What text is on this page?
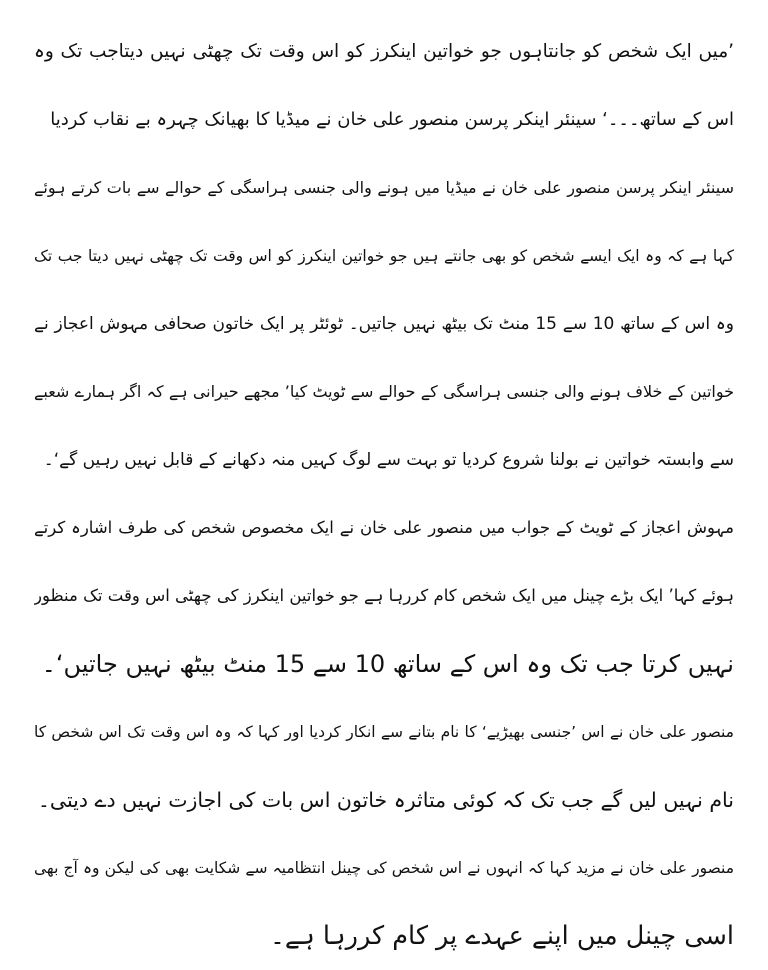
’میں ایک شخص کو جانتاہوں جو خواتین اینکرز کو اس وقت تک چھٹی نہیں دیتاجب تک وہ
اس کے ساتھ۔۔۔‘ سینئر اینکر پرسن منصور علی خان نے میڈیا کا بھیانک چہرہ بے نقاب کردیا
سینئر اینکر پرسن منصور علی خان نے میڈیا میں ہونے والی جنسی ہراسگی کے حوالے سے بات کرتے ہوئے
کہا ہے کہ وہ ایک ایسے شخص کو بھی جانتے ہیں جو خواتین اینکرز کو اس وقت تک چھٹی نہیں دیتا جب تک
وہ اس کے ساتھ 10 سے 15 منٹ تک بیٹھ نہیں جاتیں۔ ٹوئٹر پر ایک خاتون صحافی مہوش اعجاز نے
خواتین کے خلاف ہونے والی جنسی ہراسگی کے حوالے سے ٹویٹ کیا’ مجھے حیرانی ہے کہ اگر ہمارے شعبے
سے وابستہ خواتین نے بولنا شروع کردیا تو بہت سے لوگ کہیں منہ دکھانے کے قابل نہیں رہیں گے‘۔
مہوش اعجاز کے ٹویٹ کے جواب میں منصور علی خان نے ایک مخصوص شخص کی طرف اشارہ کرتے
ہوئے کہا’ ایک بڑے چینل میں ایک شخص کام کررہا ہے جو خواتین اینکرز کی چھٹی اس وقت تک منظور
نہیں کرتا جب تک وہ اس کے ساتھ 10 سے 15 منٹ بیٹھ نہیں جاتیں‘۔
منصور علی خان نے اس ’جنسی بھیڑیے‘ کا نام بتانے سے انکار کردیا اور کہا کہ وہ اس وقت تک اس شخص کا
نام نہیں لیں گے جب تک کہ کوئی متاثرہ خاتون اس بات کی اجازت نہیں دے دیتی۔
منصور علی خان نے مزید کہا کہ انہوں نے اس شخص کی چینل انتظامیہ سے شکایت بھی کی لیکن وہ آج بھی
اسی چینل میں اپنے عہدے پر کام کررہا ہے۔
